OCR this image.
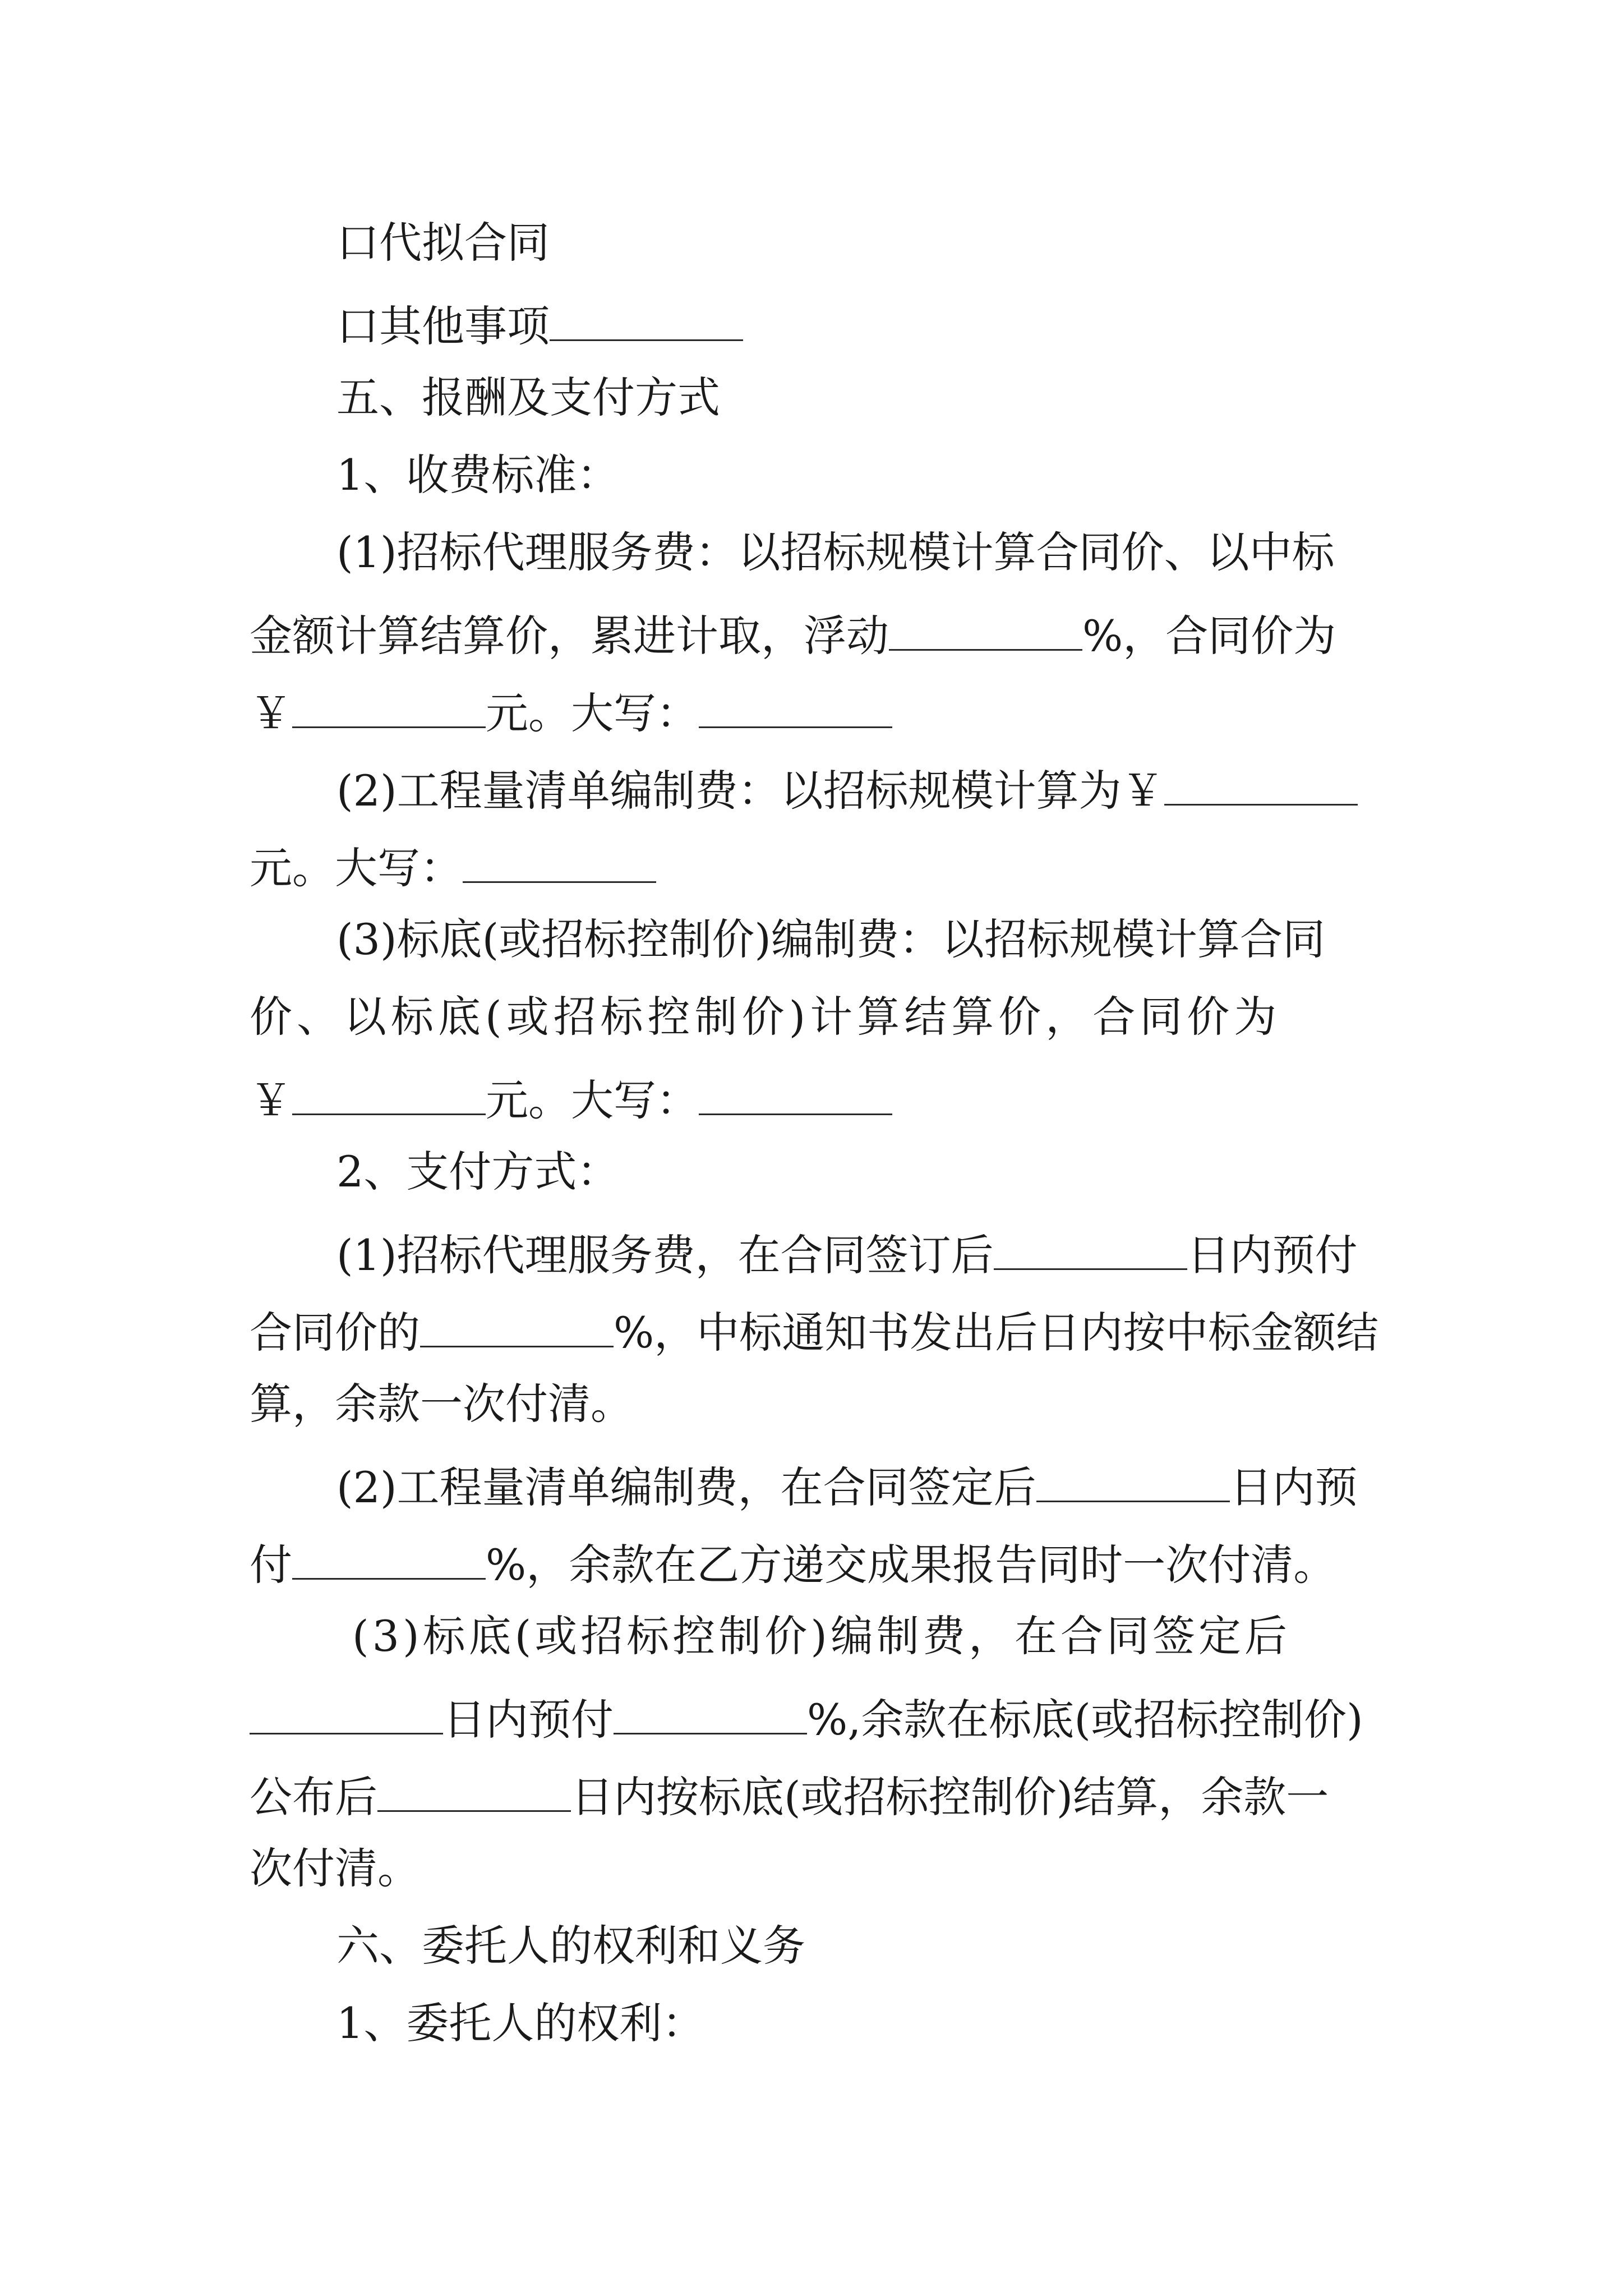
口代拟合同
口其他事项
五、报酬及支付方式
1、收费标准：
(1)招标代理服务费：以招标规模计算合同价、以中标
金额计算结算价，累进计取，浮动	%，合同价为
￥	元。大写：
(2)工程量清单编制费：以招标规模计算为￥
元。大写：
(3)标底(或招标控制价)编制费：以招标规模计算合同
价、以标底(或招标控制价)计算结算价，合同价为
￥	元。大写：
2、支付方式：
(1)招标代理服务费，在合同签订后	日内预付
合同价的	%，中标通知书发出后日内按中标金额结
算，余款一次付清。
(2)工程量清单编制费，在合同签定后	日内预
付	%，余款在乙方递交成果报告同时一次付清。
(3)标底(或招标控制价)编制费，在合同签定后
日内预付	%,余款在标底(或招标控制价)
公布后	日内按标底(或招标控制价)结算，余款一
次付清。
六、委托人的权利和义务
1、委托人的权利：
